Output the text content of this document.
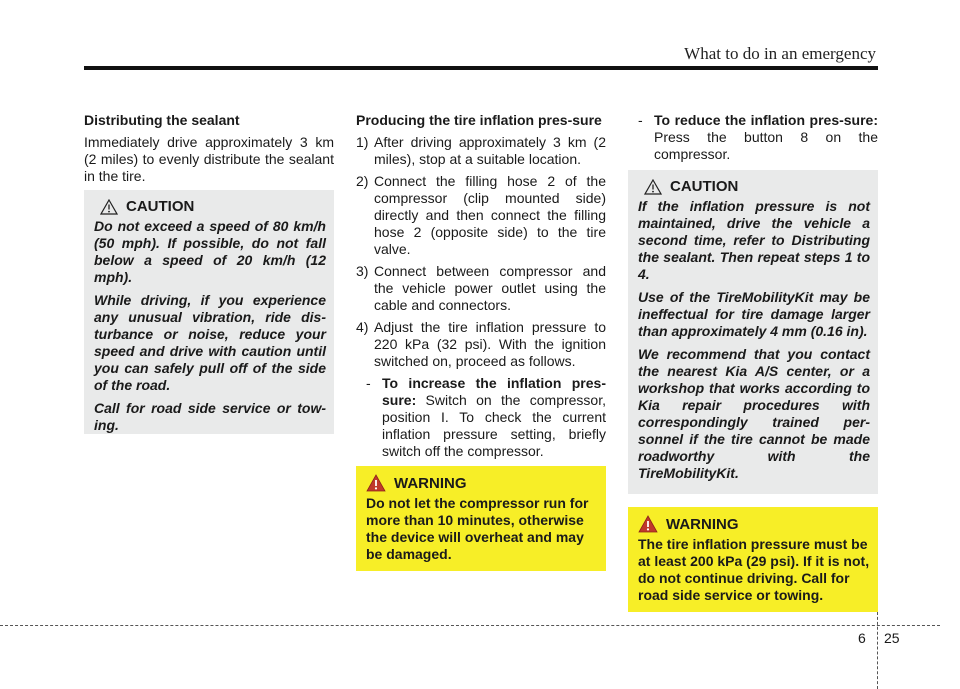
What to do in an emergency
Distributing the sealant

Immediately drive approximately 3 km (2 miles) to evenly distribute the sealant in the tire.

CAUTION

Do not exceed a speed of 80 km/h (50 mph). If possible, do not fall below a speed of 20 km/h (12 mph).

While driving, if you experience any unusual vibration, ride dis-turbance or noise, reduce your speed and drive with caution until you can safely pull off of the side of the road.

Call for road side service or tow-ing.

Producing the tire inflation pres-sure
1) After driving approximately 3 km (2 miles), stop at a suitable location.
2) Connect the filling hose 2 of the compressor (clip mounted side) directly and then connect the filling hose 2 (opposite side) to the tire valve.
3) Connect between compressor and the vehicle power outlet using the cable and connectors.
4) Adjust the tire inflation pressure to 220 kPa (32 psi). With the ignition switched on, proceed as follows.
- To increase the inflation pres-sure: Switch on the compressor, position I. To check the current inflation pressure setting, briefly switch off the compressor.
WARNING

Do not let the compressor run for more than 10 minutes, otherwise the device will overheat and may be damaged.

- To reduce the inflation pres-sure: Press the button 8 on the compressor.
CAUTION

If the inflation pressure is not maintained, drive the vehicle a second time, refer to Distributing the sealant. Then repeat steps 1 to 4.

Use of the TireMobilityKit may be ineffectual for tire damage larger than approximately 4 mm (0.16 in).

We recommend that you contact the nearest Kia A/S center, or a workshop that works according to Kia repair procedures with correspondingly trained per-sonnel if the tire cannot be made roadworthy with the TireMobilityKit.

WARNING

The tire inflation pressure must be at least 200 kPa (29 psi). If it is not, do not continue driving. Call for road side service or towing.

6 25
